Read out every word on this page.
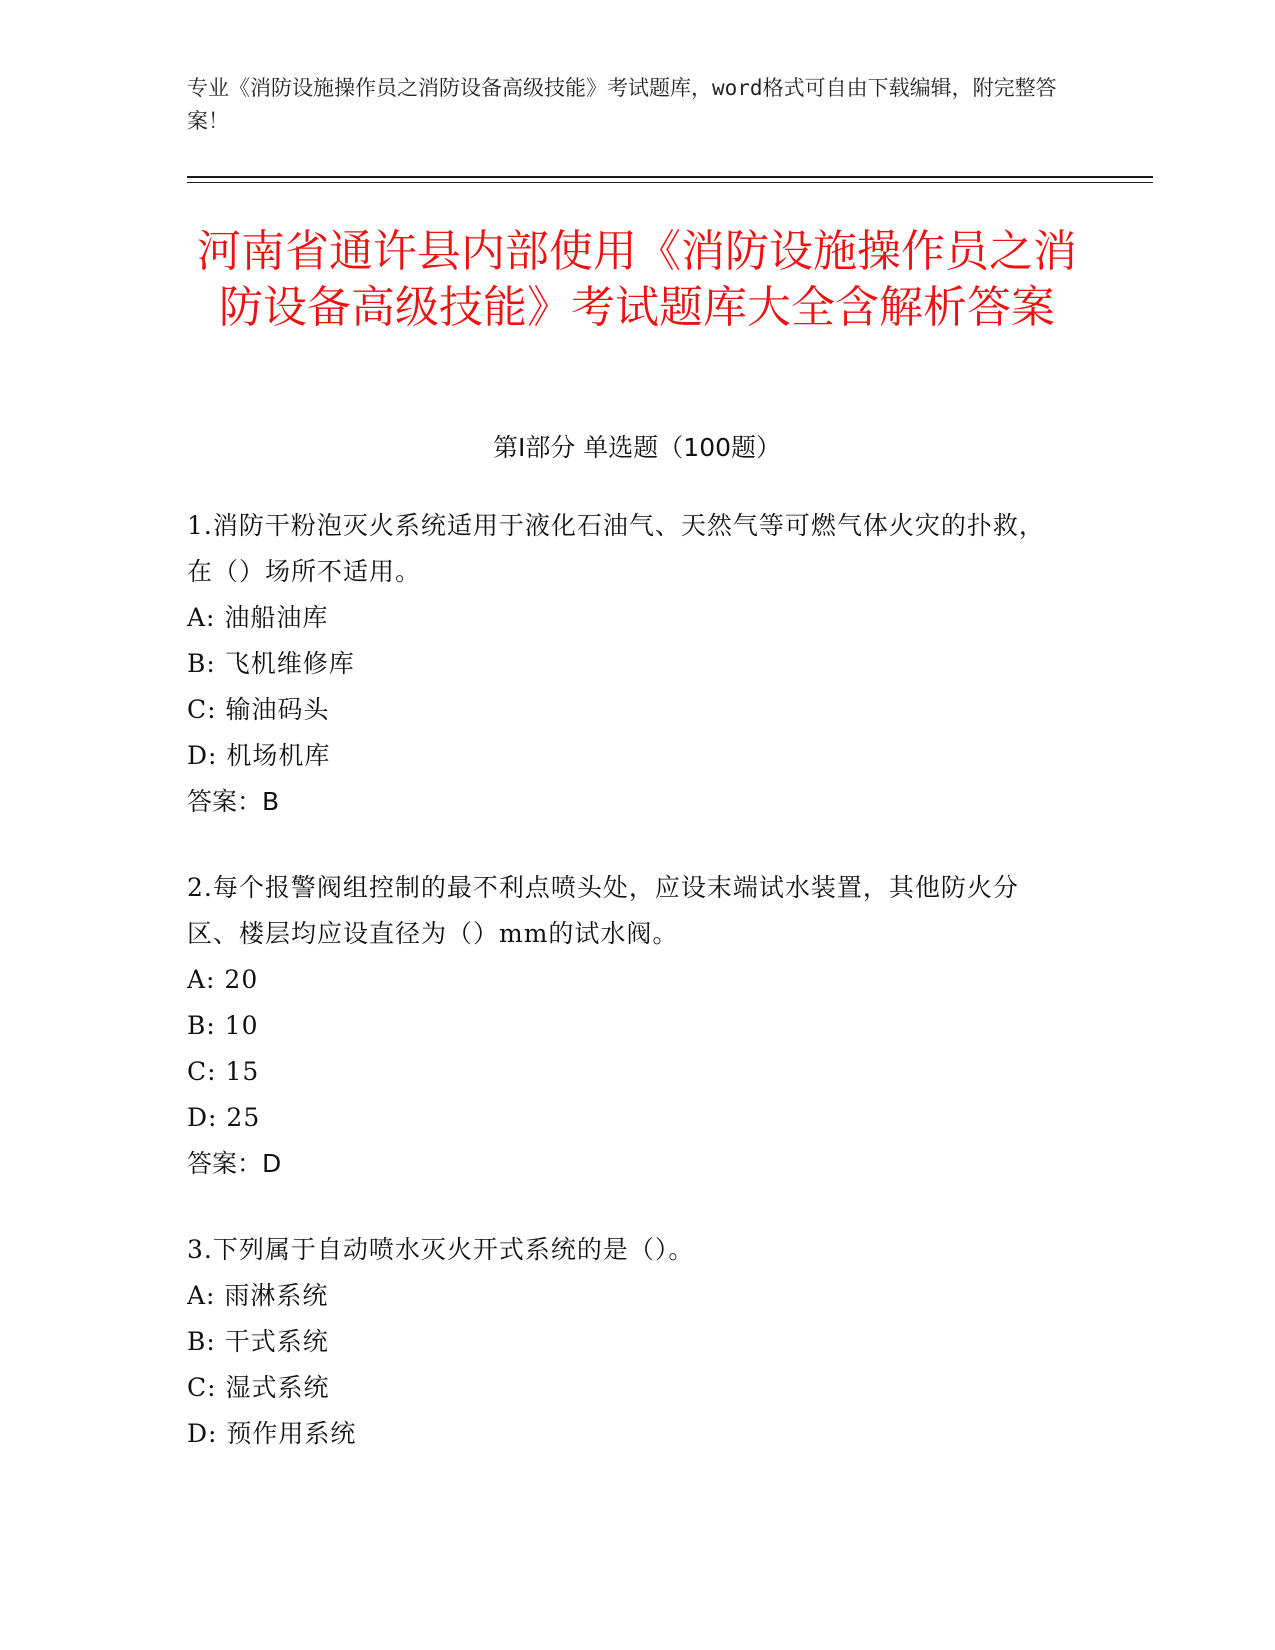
专业《消防设施操作员之消防设备高级技能》考试题库，word格式可自由下载编辑，附完整答案！
河南省通许县内部使用《消防设施操作员之消防设备高级技能》考试题库大全含解析答案
第Ⅰ部分 单选题（100题）
1.消防干粉泡灭火系统适用于液化石油气、天然气等可燃气体火灾的扑救，在（）场所不适用。
A: 油船油库
B: 飞机维修库
C: 输油码头
D: 机场机库
答案：B
2.每个报警阀组控制的最不利点喷头处，应设末端试水装置，其他防火分区、楼层均应设直径为（）mm的试水阀。
A: 20
B: 10
C: 15
D: 25
答案：D
3.下列属于自动喷水灭火开式系统的是（）。
A: 雨淋系统
B: 干式系统
C: 湿式系统
D: 预作用系统
